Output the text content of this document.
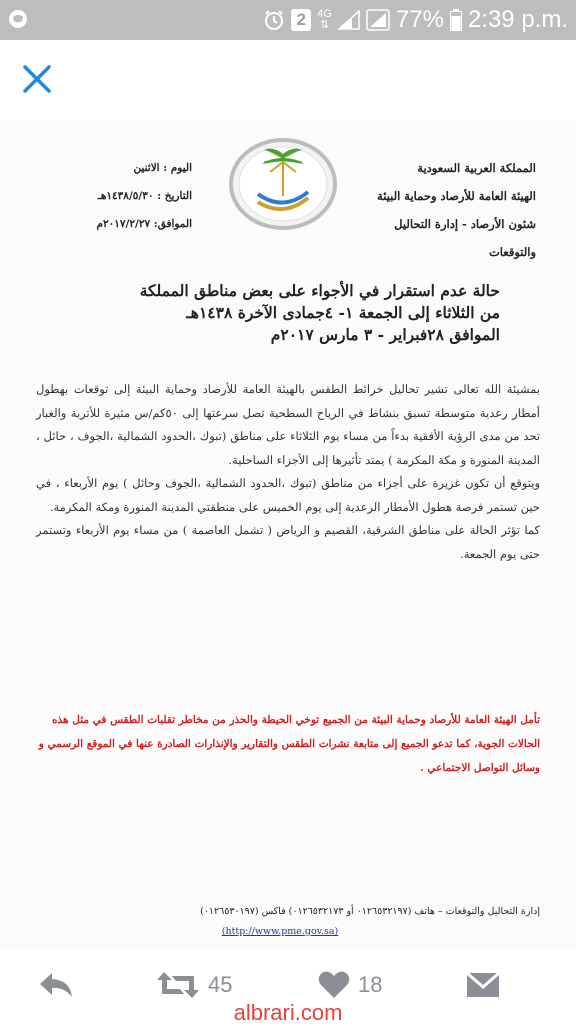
2	4G
⇅	77% 2:39 p.m.
المملكة العربية السعودية
الهيئة العامة للأرصاد وحماية البيئة
شئون الأرصاد - إدارة التحاليل والتوقعات
اليوم : الاثنين
التاريخ : ١٤٣٨/٥/٣٠هـ
الموافق: ٢٠١٧/٢/٢٧م
حالة عدم استقرار في الأجواء على بعض مناطق المملكة
من الثلاثاء إلى الجمعة ١- ٤جمادى الآخرة ١٤٣٨هـ
الموافق ٢٨فبراير - ٣ مارس ٢٠١٧م

بمشيئة الله تعالى تشير تحاليل خرائط الطقس بالهيئة العامة للأرصاد وحماية البيئة إلى توقعات بهطول أمطار رعدية متوسطة تسبق بنشاط في الرياح السطحية تصل سرعتها إلى ٥٠كم/س مثيرة للأتربة والغبار تحد من مدى الرؤية الأفقية بدءاً من مساء يوم الثلاثاء على مناطق (تبوك ،الحدود الشمالية ،الجوف ، حائل ، المدينة المنورة و مكة المكرمة ) يمتد تأثيرها إلى الأجزاء الساحلية.

ويتوقع أن تكون غزيرة على أجزاء من مناطق (تبوك ،الحدود الشمالية ،الجوف وحائل ) يوم الأربعاء ، في حين تستمر فرصة هطول الأمطار الرعدية إلى يوم الخميس على منطقتي المدينة المنورة ومكة المكرمة.

كما تؤثر الحالة على مناطق الشرقية، القصيم و الرياض ( تشمل العاصمة ) من مساء يوم الأربعاء وتستمر حتى يوم الجمعة.

تأمل الهيئة العامة للأرصاد وحماية البيئة من الجميع توخي الحيطة والحذر من مخاطر تقلبات الطقس في مثل هذه الحالات الجوية، كما تدعو الجميع إلى متابعة نشرات الطقس والتقارير والإنذارات الصادرة عنها في الموقع الرسمي و وسائل التواصل الاجتماعي .
إدارة التحاليل والتوقعات – هاتف (٠١٢٦٥٣٢١٩٧ أو ٠١٢٦٥٣٢١٧٣) فاكس (٠١٢٦٥٣٠١٩٧)
(http://www.pme.gov.sa)
45	18
albrari.com
